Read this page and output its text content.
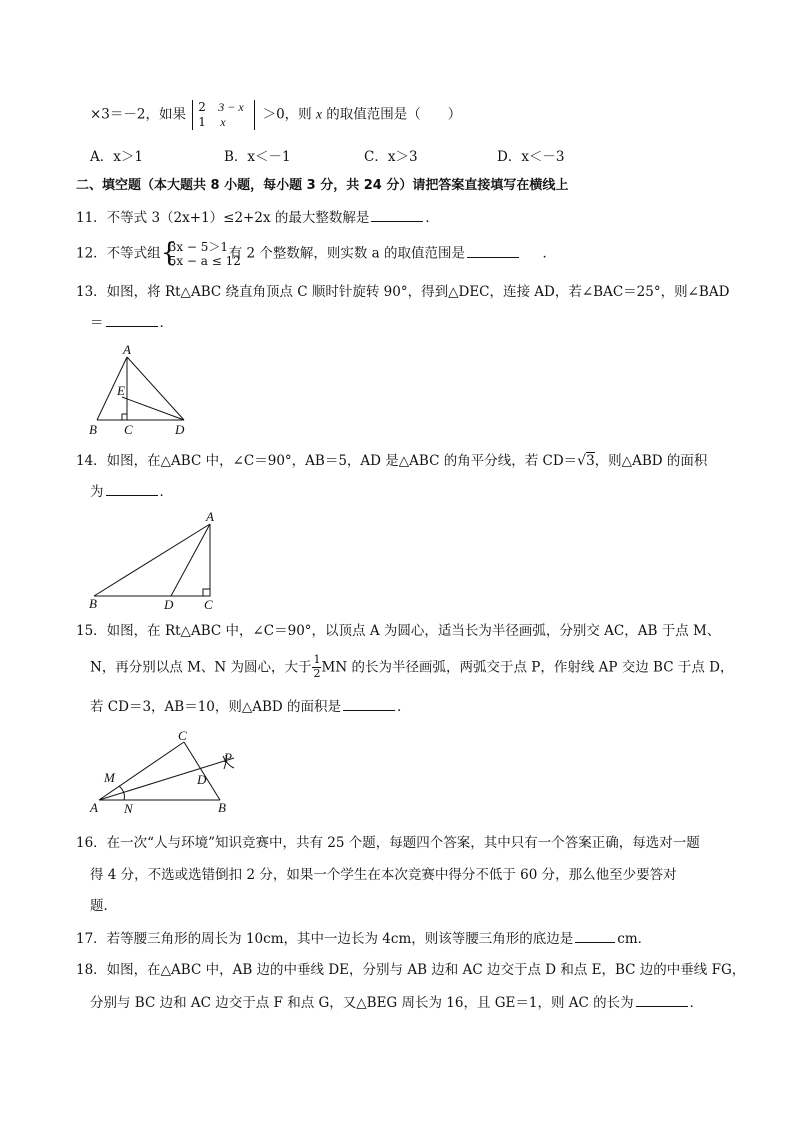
×3＝－2，如果 2 3 − x
1 x	＞0，则 x 的取值范围是（　　）
A．x＞1	B．x＜－1	C．x＞3	D．x＜－3
二、填空题（本大题共 8 小题，每小题 3 分，共 24 分）请把答案直接填写在横线上
11．不等式 3（2x+1）≤2+2x 的最大整数解是	．
12．不等式组 {
3x − 5＞1
5x − a ≤ 12
有 2 个整数解，则实数 a 的取值范围是	．
13．如图，将 Rt△ABC 绕直角顶点 C 顺时针旋转 90°，得到△DEC，连接 AD，若∠BAC＝25°，则∠BAD
＝	．
A
E
B C	D
14．如图，在△ABC 中，∠C＝90°，AB＝5，AD 是△ABC 的角平分线，若 CD＝√3，则△ABD 的面积
为	．
A
B	D C
15．如图，在 Rt△ABC 中，∠C＝90°，以顶点 A 为圆心，适当长为半径画弧，分别交 AC，AB 于点 M、
N，再分别以点 M、N 为圆心，大于 $\frac{1}{2}$ MN 的长为半径画弧，两弧交于点 P，作射线 AP 交边 BC 于点 D，
若 CD＝3，AB＝10，则△ABD 的面积是	．
C
P
M	D
A N	B
16．在一次“人与环境”知识竞赛中，共有 25 个题，每题四个答案，其中只有一个答案正确，每选对一题
得 4 分，不选或选错倒扣 2 分，如果一个学生在本次竞赛中得分不低于 60 分，那么他至少要答对
题．
17．若等腰三角形的周长为 10cm，其中一边长为 4cm，则该等腰三角形的底边是	cm．
18．如图，在△ABC 中，AB 边的中垂线 DE，分别与 AB 边和 AC 边交于点 D 和点 E，BC 边的中垂线 FG，
分别与 BC 边和 AC 边交于点 F 和点 G，又△BEG 周长为 16，且 GE＝1，则 AC 的长为	．
